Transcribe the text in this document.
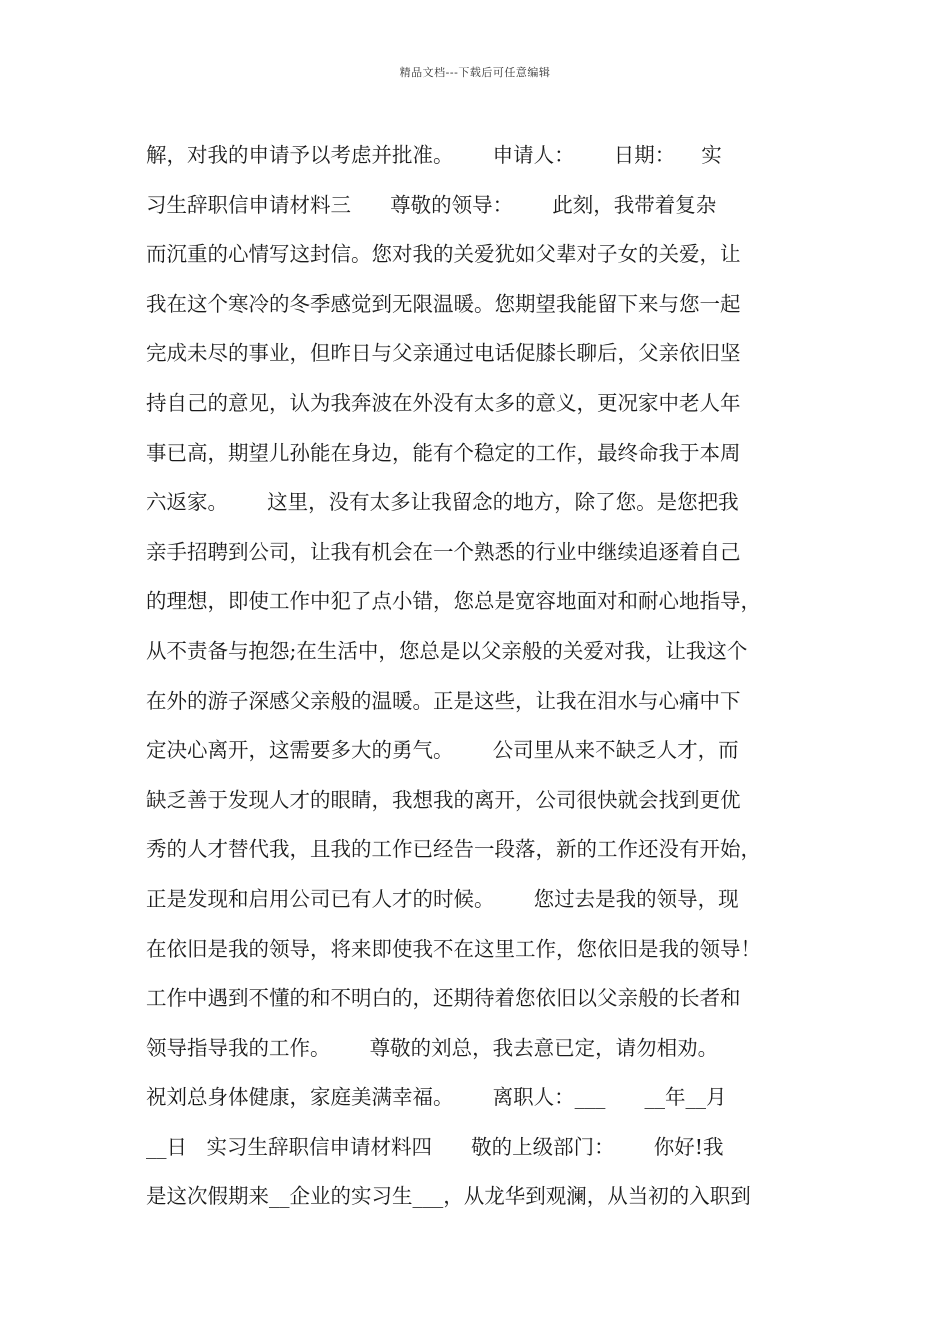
精品文档---下载后可任意编辑
解，对我的申请予以考虑并批准。      申请人：      日期：    实
习生辞职信申请材料三      尊敬的领导：      此刻，我带着复杂
而沉重的心情写这封信。您对我的关爱犹如父辈对子女的关爱，让
我在这个寒冷的冬季感觉到无限温暖。您期望我能留下来与您一起
完成未尽的事业，但昨日与父亲通过电话促膝长聊后，父亲依旧坚
持自己的意见，认为我奔波在外没有太多的意义，更况家中老人年
事已高，期望儿孙能在身边，能有个稳定的工作，最终命我于本周
六返家。      这里，没有太多让我留念的地方，除了您。是您把我
亲手招聘到公司，让我有机会在一个熟悉的行业中继续追逐着自己
的理想，即使工作中犯了点小错，您总是宽容地面对和耐心地指导，
从不责备与抱怨;在生活中，您总是以父亲般的关爱对我，让我这个
在外的游子深感父亲般的温暖。正是这些，让我在泪水与心痛中下
定决心离开，这需要多大的勇气。      公司里从来不缺乏人才，而
缺乏善于发现人才的眼睛，我想我的离开，公司很快就会找到更优
秀的人才替代我，且我的工作已经告一段落，新的工作还没有开始，
正是发现和启用公司已有人才的时候。      您过去是我的领导，现
在依旧是我的领导，将来即使我不在这里工作，您依旧是我的领导！
工作中遇到不懂的和不明白的，还期待着您依旧以父亲般的长者和
领导指导我的工作。      尊敬的刘总，我去意已定，请勿相劝。
祝刘总身体健康，家庭美满幸福。      离职人：___      __年__月
__日   实习生辞职信申请材料四      敬的上级部门：      你好!我
是这次假期来__企业的实习生___，从龙华到观澜，从当初的入职到
